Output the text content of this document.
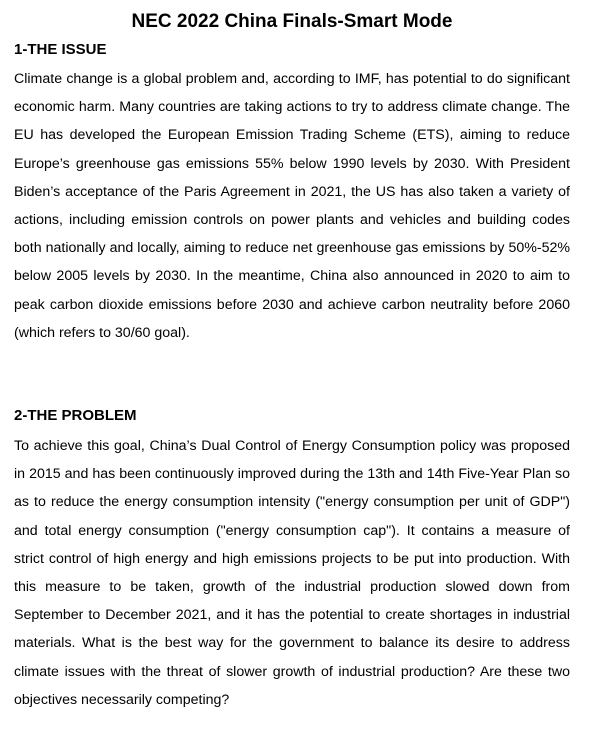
NEC 2022 China Finals-Smart Mode
1-THE ISSUE

Climate change is a global problem and, according to IMF, has potential to do significant economic harm. Many countries are taking actions to try to address climate change. The EU has developed the European Emission Trading Scheme (ETS), aiming to reduce Europe’s greenhouse gas emissions 55% below 1990 levels by 2030. With President Biden’s acceptance of the Paris Agreement in 2021, the US has also taken a variety of actions, including emission controls on power plants and vehicles and building codes both nationally and locally, aiming to reduce net greenhouse gas emissions by 50%-52% below 2005 levels by 2030. In the meantime, China also announced in 2020 to aim to peak carbon dioxide emissions before 2030 and achieve carbon neutrality before 2060 (which refers to 30/60 goal).

2-THE PROBLEM

To achieve this goal, China’s Dual Control of Energy Consumption policy was proposed in 2015 and has been continuously improved during the 13th and 14th Five-Year Plan so as to reduce the energy consumption intensity ("energy consumption per unit of GDP") and total energy consumption ("energy consumption cap"). It contains a measure of strict control of high energy and high emissions projects to be put into production. With this measure to be taken, growth of the industrial production slowed down from September to December 2021, and it has the potential to create shortages in industrial materials. What is the best way for the government to balance its desire to address climate issues with the threat of slower growth of industrial production? Are these two objectives necessarily competing?
